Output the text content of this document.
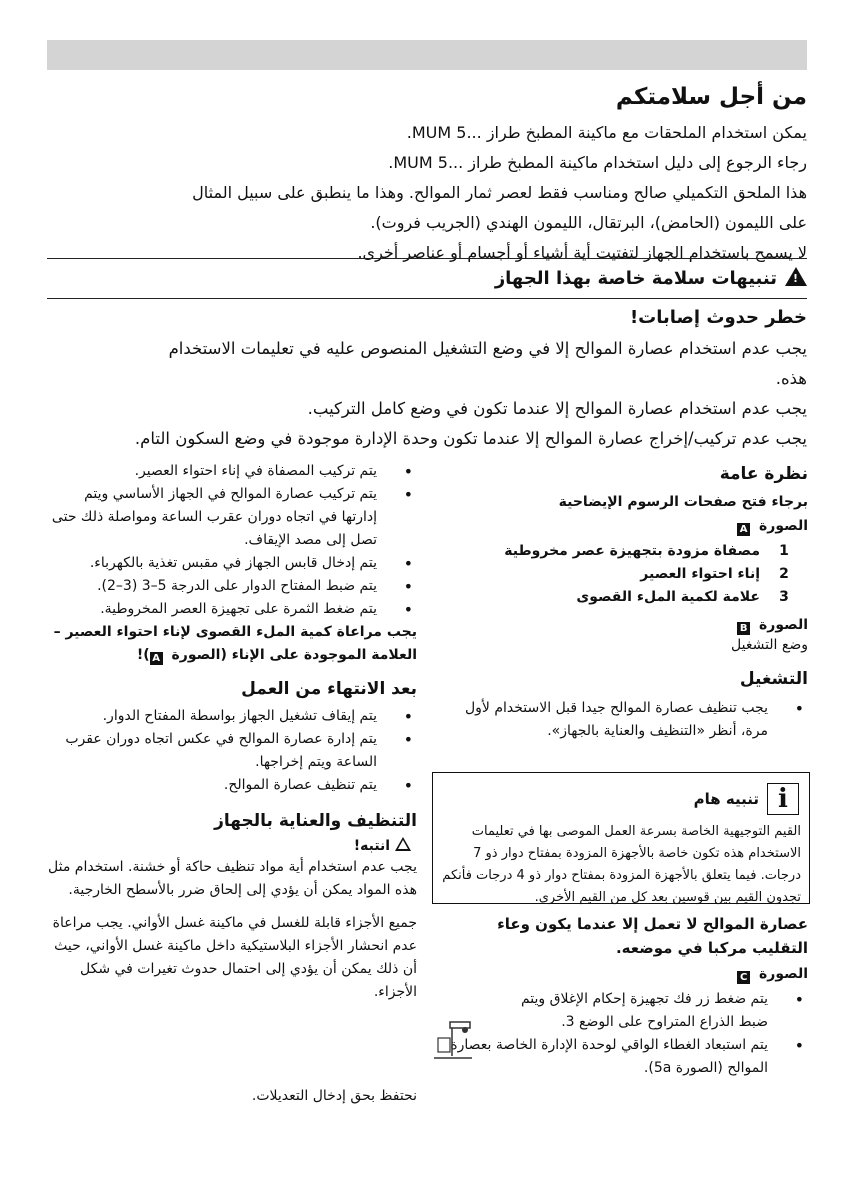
من أجل سلامتكم
يمكن استخدام الملحقات مع ماكينة المطبخ طراز ...MUM 5.
رجاء الرجوع إلى دليل استخدام ماكينة المطبخ طراز ...MUM 5.
هذا الملحق التكميلي صالح ومناسب فقط لعصر ثمار الموالح. وهذا ما ينطبق على سبيل المثال
على الليمون (الحامض)، البرتقال، الليمون الهندي (الجريب فروت).
لا يسمح باستخدام الجهاز لتفتيت أية أشياء أو أجسام أو عناصر أخرى.
!
تنبيهات سلامة خاصة بهذا الجهاز
خطر حدوث إصابات!
يجب عدم استخدام عصارة الموالح إلا في وضع التشغيل المنصوص عليه في تعليمات الاستخدام
هذه.
يجب عدم استخدام عصارة الموالح إلا عندما تكون في وضع كامل التركيب.
يجب عدم تركيب/إخراج عصارة الموالح إلا عندما تكون وحدة الإدارة موجودة في وضع السكون التام.
نظرة عامة
برجاء فتح صفحات الرسوم الإيضاحية
الصورة A
1
مصفاة مزودة بتجهيزة عصر مخروطية
2
إناء احتواء العصير
3
علامة لكمية الملء القصوى
الصورة B
وضع التشغيل
التشغيل
• يجب تنظيف عصارة الموالح جيدا قبل الاستخدام لأول مرة، أنظر «التنظيف والعناية بالجهاز».
i
تنبيه هام
القيم التوجيهية الخاصة بسرعة العمل الموصى بها في تعليمات الاستخدام هذه تكون خاصة بالأجهزة المزودة بمفتاح دوار ذو 7 درجات. فيما يتعلق بالأجهزة المزودة بمفتاح دوار ذو 4 درجات فأنكم تجدون القيم بين قوسين بعد كل من القيم الأخرى.
عصارة الموالح لا تعمل إلا عندما يكون وعاء التقليب مركبا في موضعه.
الصورة C
• يتم ضغط زر فك تجهيزة إحكام الإغلاق ويتم ضبط الذراع المتراوح على الوضع 3.
• يتم استبعاد الغطاء الواقي لوحدة الإدارة الخاصة بعصارة الموالح (الصورة 5a).
• يتم تركيب المصفاة في إناء احتواء العصير.
• يتم تركيب عصارة الموالح في الجهاز الأساسي ويتم إدارتها في اتجاه دوران عقرب الساعة ومواصلة ذلك حتى تصل إلى مصد الإيقاف.
• يتم إدخال قابس الجهاز في مقبس تغذية بالكهرباء.
• يتم ضبط المفتاح الدوار على الدرجة 5–3 (3–2).
• يتم ضغط الثمرة على تجهيزة العصر المخروطية.
يجب مراعاة كمية الملء القصوى لإناء احتواء العصير – العلامة الموجودة على الإناء (الصورة A)!
بعد الانتهاء من العمل
• يتم إيقاف تشغيل الجهاز بواسطة المفتاح الدوار.
• يتم إدارة عصارة الموالح في عكس اتجاه دوران عقرب الساعة ويتم إخراجها.
• يتم تنظيف عصارة الموالح.
التنظيف والعناية بالجهاز
انتبه!
يجب عدم استخدام أية مواد تنظيف حاكة أو خشنة. استخدام مثل هذه المواد يمكن أن يؤدي إلى إلحاق ضرر بالأسطح الخارجية.
جميع الأجزاء قابلة للغسل في ماكينة غسل الأواني. يجب مراعاة عدم انحشار الأجزاء البلاستيكية داخل ماكينة غسل الأواني، حيث أن ذلك يمكن أن يؤدي إلى احتمال حدوث تغيرات في شكل الأجزاء.
نحتفظ بحق إدخال التعديلات.
